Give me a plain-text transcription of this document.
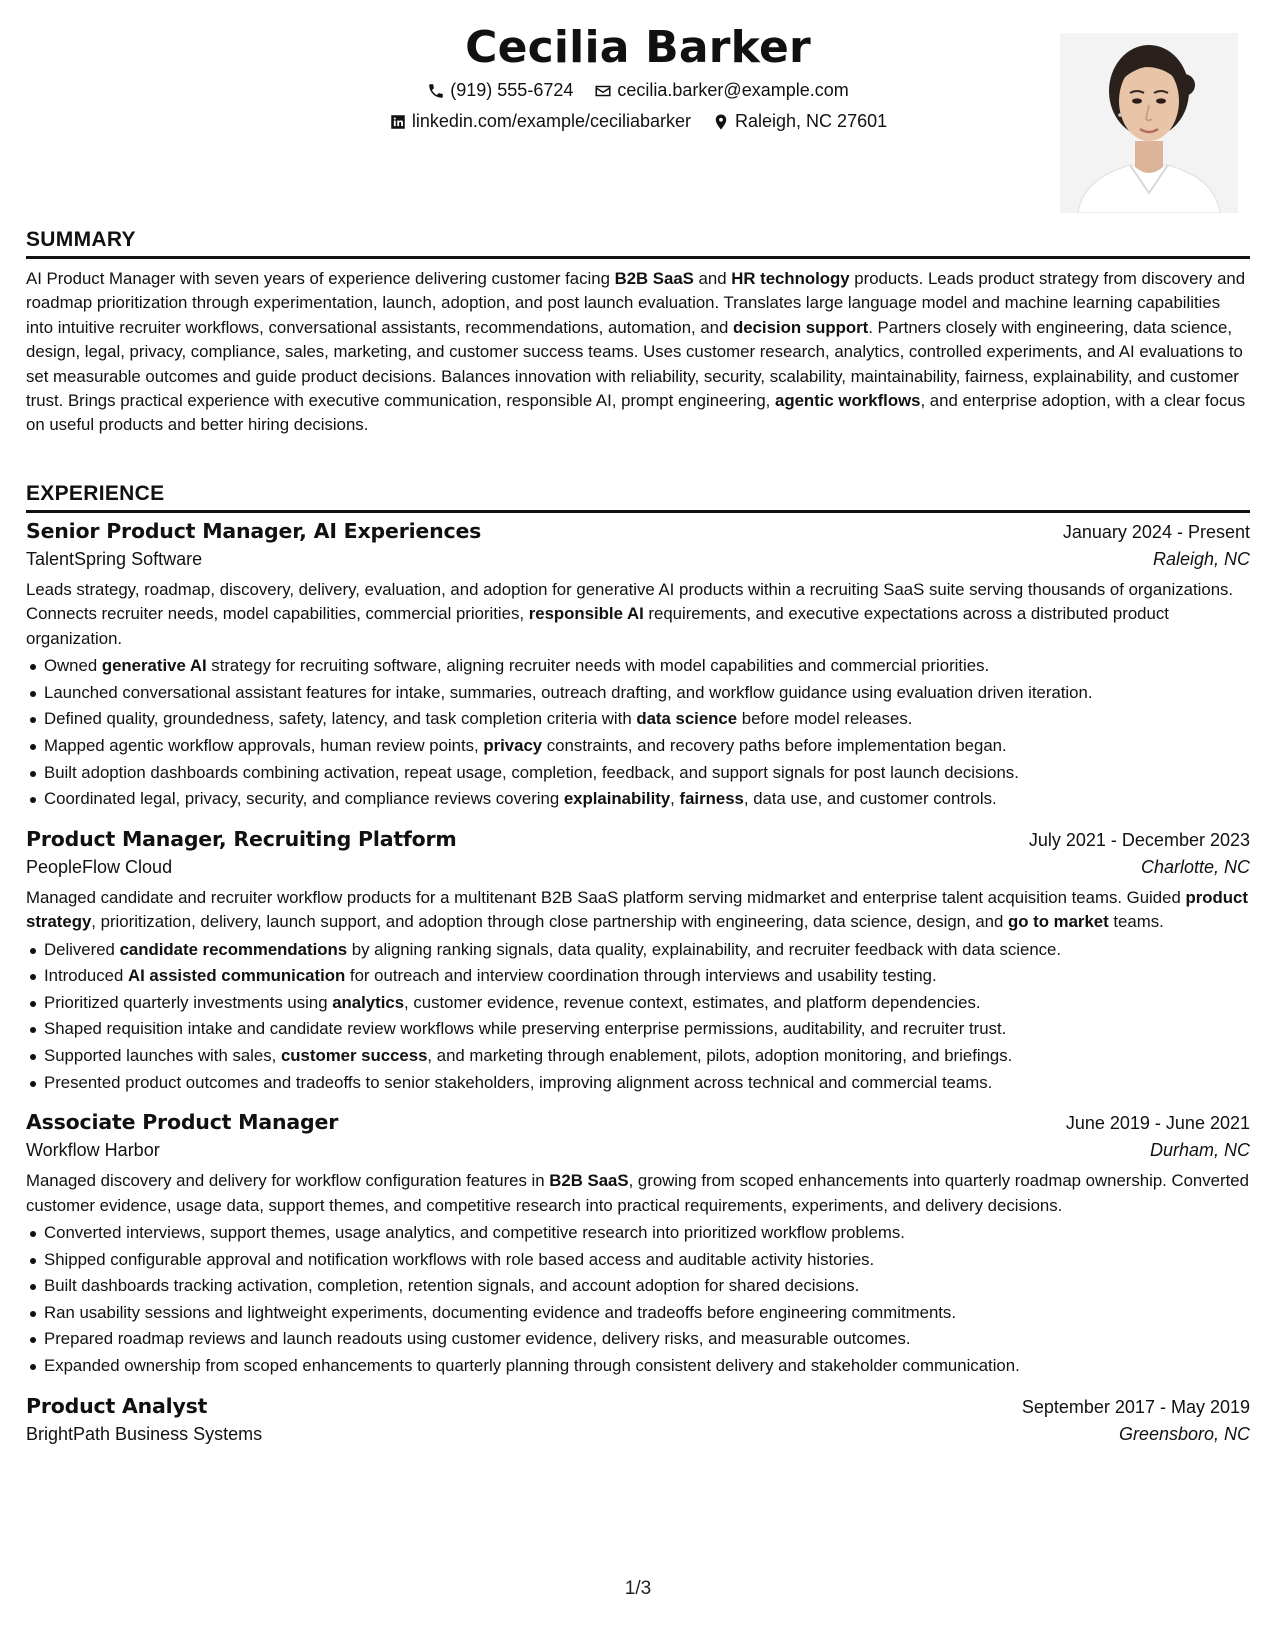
Cecilia Barker
(919) 555-6724
cecilia.barker@example.com
linkedin.com/example/ceciliabarker
Raleigh, NC 27601
SUMMARY

AI Product Manager with seven years of experience delivering customer facing B2B SaaS and HR technology products. Leads product strategy from discovery and roadmap prioritization through experimentation, launch, adoption, and post launch evaluation. Translates large language model and machine learning capabilities into intuitive recruiter workflows, conversational assistants, recommendations, automation, and decision support. Partners closely with engineering, data science, design, legal, privacy, compliance, sales, marketing, and customer success teams. Uses customer research, analytics, controlled experiments, and AI evaluations to set measurable outcomes and guide product decisions. Balances innovation with reliability, security, scalability, maintainability, fairness, explainability, and customer trust. Brings practical experience with executive communication, responsible AI, prompt engineering, agentic workflows, and enterprise adoption, with a clear focus on useful products and better hiring decisions.

EXPERIENCE
Senior Product Manager, AI Experiences	January 2024 - Present
TalentSpring Software	Raleigh, NC

Leads strategy, roadmap, discovery, delivery, evaluation, and adoption for generative AI products within a recruiting SaaS suite serving thousands of organizations. Connects recruiter needs, model capabilities, commercial priorities, responsible AI requirements, and executive expectations across a distributed product organization.

Owned generative AI strategy for recruiting software, aligning recruiter needs with model capabilities and commercial priorities.
Launched conversational assistant features for intake, summaries, outreach drafting, and workflow guidance using evaluation driven iteration.
Defined quality, groundedness, safety, latency, and task completion criteria with data science before model releases.
Mapped agentic workflow approvals, human review points, privacy constraints, and recovery paths before implementation began.
Built adoption dashboards combining activation, repeat usage, completion, feedback, and support signals for post launch decisions.
Coordinated legal, privacy, security, and compliance reviews covering explainability, fairness, data use, and customer controls.
Product Manager, Recruiting Platform	July 2021 - December 2023
PeopleFlow Cloud	Charlotte, NC

Managed candidate and recruiter workflow products for a multitenant B2B SaaS platform serving midmarket and enterprise talent acquisition teams. Guided product strategy, prioritization, delivery, launch support, and adoption through close partnership with engineering, data science, design, and go to market teams.

Delivered candidate recommendations by aligning ranking signals, data quality, explainability, and recruiter feedback with data science.
Introduced AI assisted communication for outreach and interview coordination through interviews and usability testing.
Prioritized quarterly investments using analytics, customer evidence, revenue context, estimates, and platform dependencies.
Shaped requisition intake and candidate review workflows while preserving enterprise permissions, auditability, and recruiter trust.
Supported launches with sales, customer success, and marketing through enablement, pilots, adoption monitoring, and briefings.
Presented product outcomes and tradeoffs to senior stakeholders, improving alignment across technical and commercial teams.
Associate Product Manager	June 2019 - June 2021
Workflow Harbor	Durham, NC

Managed discovery and delivery for workflow configuration features in B2B SaaS, growing from scoped enhancements into quarterly roadmap ownership. Converted customer evidence, usage data, support themes, and competitive research into practical requirements, experiments, and delivery decisions.

Converted interviews, support themes, usage analytics, and competitive research into prioritized workflow problems.
Shipped configurable approval and notification workflows with role based access and auditable activity histories.
Built dashboards tracking activation, completion, retention signals, and account adoption for shared decisions.
Ran usability sessions and lightweight experiments, documenting evidence and tradeoffs before engineering commitments.
Prepared roadmap reviews and launch readouts using customer evidence, delivery risks, and measurable outcomes.
Expanded ownership from scoped enhancements to quarterly planning through consistent delivery and stakeholder communication.
Product Analyst	September 2017 - May 2019
BrightPath Business Systems	Greensboro, NC
1/3
